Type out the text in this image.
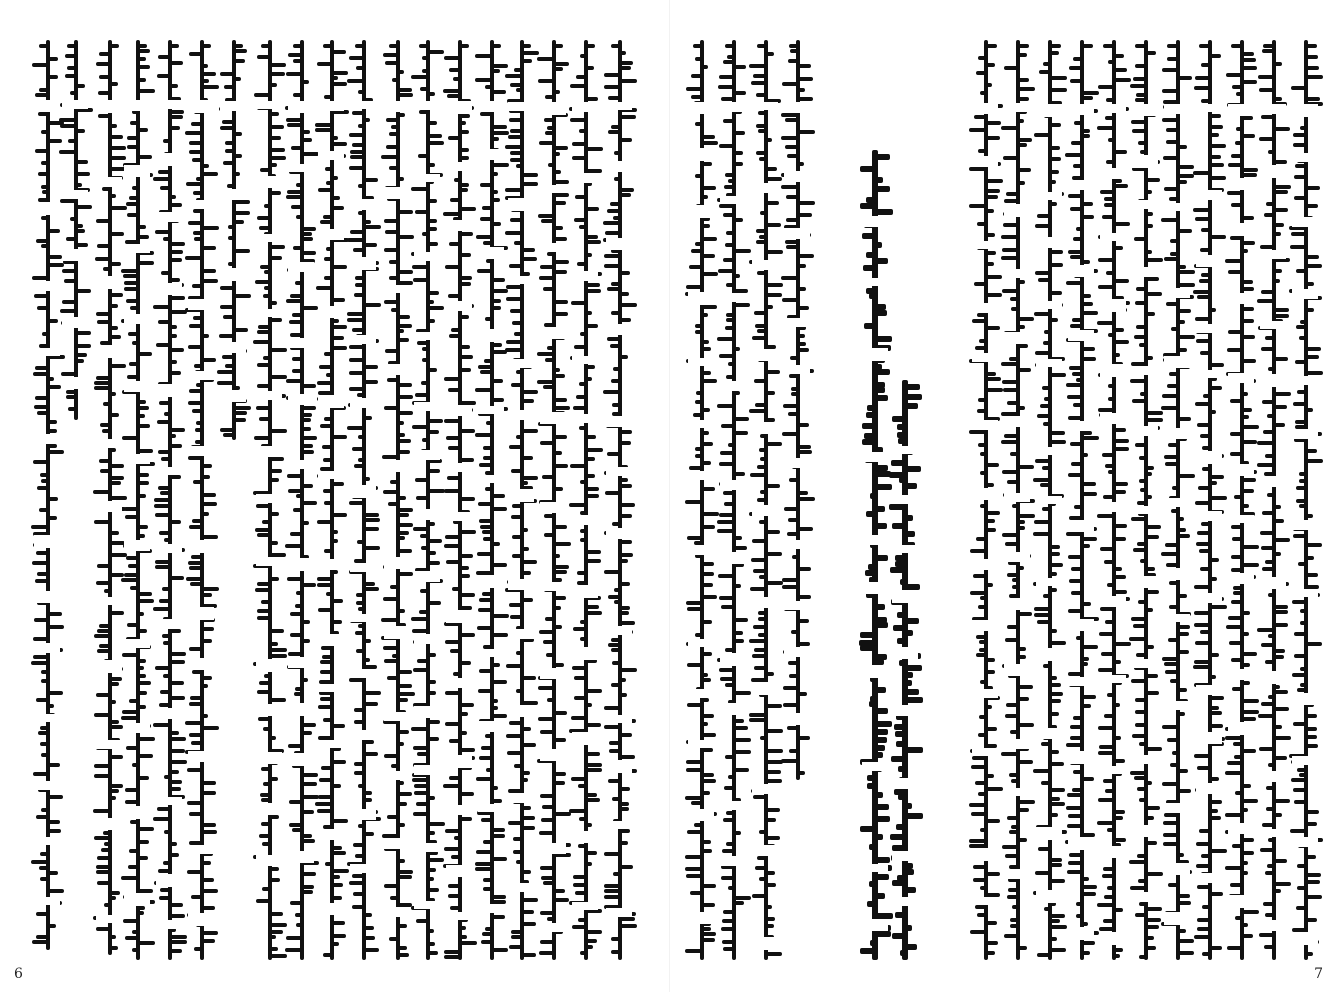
6	7
